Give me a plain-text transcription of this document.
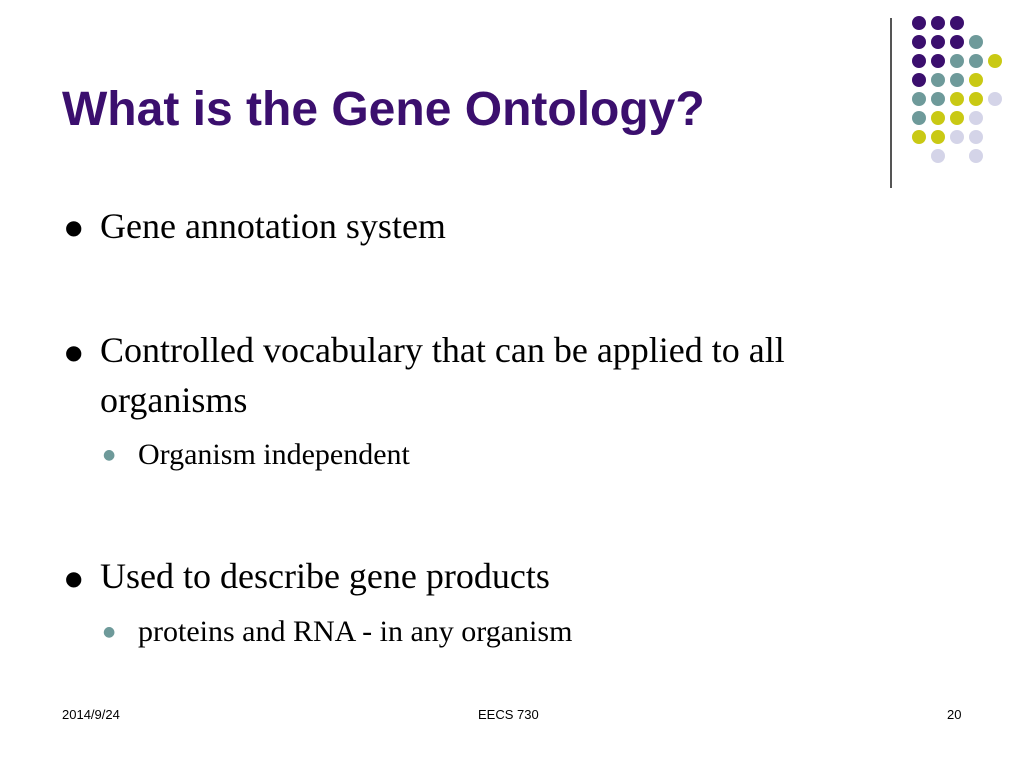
What is the Gene Ontology?
● Gene annotation system
● Controlled vocabulary that can be applied to all organisms
● Organism independent
● Used to describe gene products
● proteins and RNA - in any organism
2014/9/24	EECS 730	20
